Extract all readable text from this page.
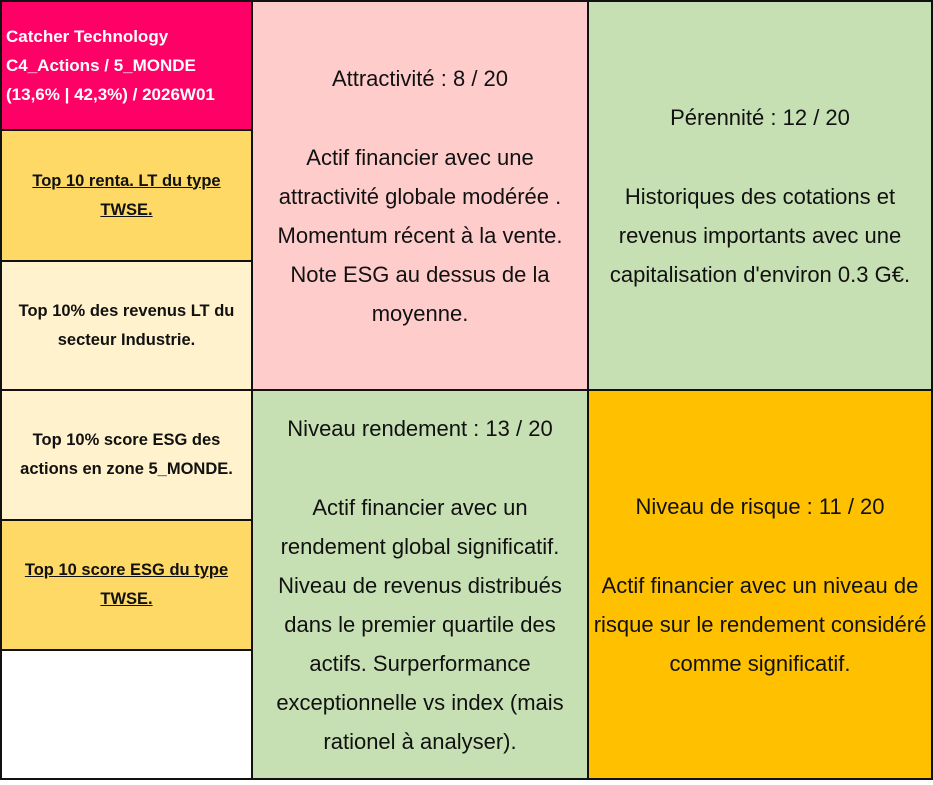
Catcher Technology
C4_Actions / 5_MONDE
(13,6% | 42,3%) / 2026W01
Top 10 renta. LT du type TWSE.
Top 10% des revenus LT du secteur Industrie.
Top 10% score ESG des actions en zone 5_MONDE.
Top 10 score ESG du type TWSE.
Attractivité : 8 / 20
Actif financier avec une attractivité globale modérée . Momentum récent à la vente. Note ESG au dessus de la moyenne.
Pérennité : 12 / 20
Historiques des cotations et revenus importants avec une capitalisation d'environ 0.3 G€.
Niveau rendement : 13 / 20
Actif financier avec un rendement global significatif. Niveau de revenus distribués dans le premier quartile des actifs. Surperformance exceptionnelle vs index (mais rationel à analyser).
Niveau de risque : 11 / 20
Actif financier avec un niveau de risque sur le rendement considéré comme significatif.
